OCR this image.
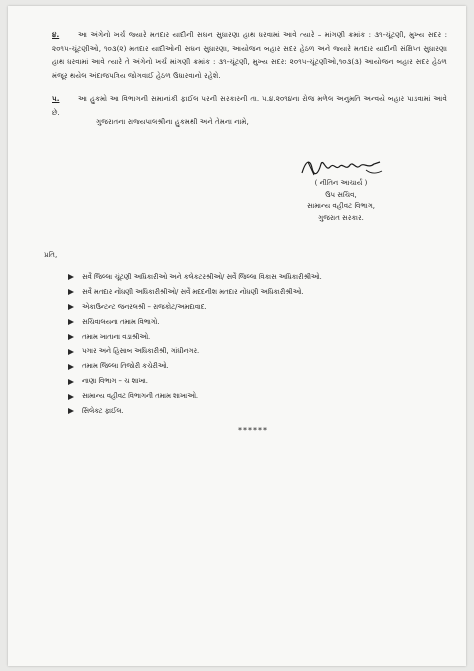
૪.	આ અંગેનો ખર્ચ જ્યારે મતદાર યાદીની સઘન સુધારણા હાથ ધરવામાં આવે ત્યારે – માંગણી ક્રમાંક : ૩૧-ચૂંટણી, મુખ્ય સદર : ૨૦૧૫-ચૂંટણીઓ, ૧૦૩(૨) મતદાર યાદીઓની સઘન સુધારણા, આયોજન બહાર સદર હેઠળ અને જ્યારે મતદાર યાદીની સંક્ષિપ્ત સુધારણા હાથ ધરવામાં આવે ત્યારે તે અંગેનો ખર્ચ માંગણી ક્રમાંક : ૩૧-ચૂંટણી, મુખ્ય સદર: ૨૦૧૫-ચૂંટણીઓ,૧૦૩(૩) આયોજન બહાર સદર હેઠળ મંજૂર થયેલ અંદાજપત્રિય જોગવાઈ હેઠળ ઉધારવાનો રહેશે.
૫.	આ હુકમો આ વિભાગની સમાનાંકી ફાઈલ પરની સરકારની તા. ૫.૪.૨૦૧૪ના રોજ મળેલ અનુમતિ અન્વયે બહાર પાડવામાં આવે છે.
ગુજરાતના રાજ્યપાલશ્રીના હુકમથી અને તેમના નામે,
( નીતિન આચાર્ય )
ઉપ સચિવ,
સામાન્ય વહીવટ વિભાગ,
ગુજરાત સરકાર.
પ્રતિ,
સર્વે જિલ્લા ચૂંટણી અધિકારીઓ અને કલેકટરશ્રીઓ/ સર્વે જિલ્લા વિકાસ અધિકારીશ્રીઓ.
સર્વે મતદાર નોંધણી અધિકારીશ્રીઓ/ સર્વે મદદનીશ મતદાર નોંધણી અધિકારીશ્રીઓ.
એકાઉન્ટન્ટ જનરલશ્રી – રાજકોટ/અમદાવાદ.
સચિવાલયના તમામ વિભાગો.
તમામ ખાતાના વડાશ્રીઓ.
પગાર અને હિસાબ અધિકારીશ્રી, ગાંધીનગર.
તમામ જિલ્લા તિજોરી કચેરીઓ.
નાણા વિભાગ – ચ શાખા.
સામાન્ય વહીવટ વિભાગની તમામ શાખાઓ.
સિલેક્ટ ફાઈલ.
******
